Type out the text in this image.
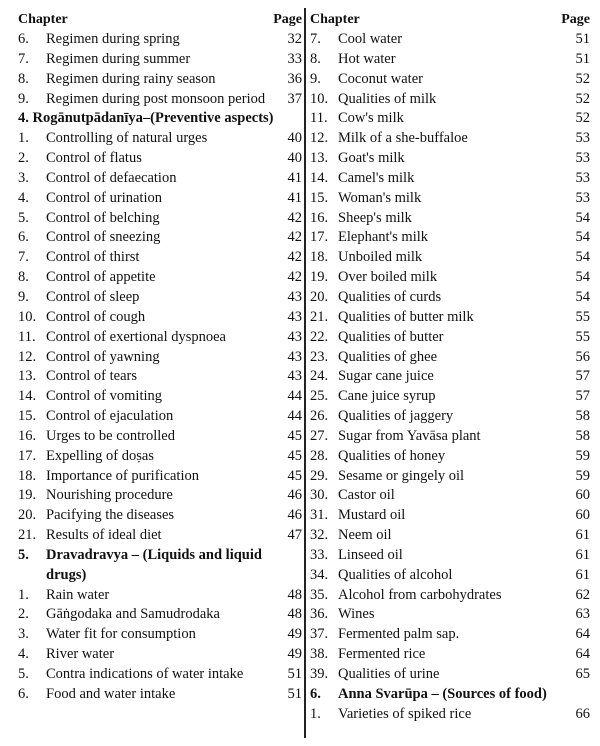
Chapter	Page
6.	Regimen during spring	32
7.	Regimen during summer	33
8.	Regimen during rainy season	36
9.	Regimen during post monsoon period	37
4. Rogānutpādanīya–(Preventive aspects)
1.	Controlling of natural urges	40
2.	Control of flatus	40
3.	Control of defaecation	41
4.	Control of urination	41
5.	Control of belching	42
6.	Control of sneezing	42
7.	Control of thirst	42
8.	Control of appetite	42
9.	Control of sleep	43
10. Control of cough	43
11. Control of exertional dyspnoea	43
12. Control of yawning	43
13. Control of tears	43
14. Control of vomiting	44
15. Control of ejaculation	44
16. Urges to be controlled	45
17. Expelling of doṣas	45
18. Importance of purification	45
19. Nourishing procedure	46
20. Pacifying the diseases	46
21. Results of ideal diet	47
5.	Dravadravya – (Liquids and liquid drugs)
1.	Rain water	48
2.	Gāṅgodaka and Samudrodaka	48
3.	Water fit for consumption	49
4.	River water	49
5.	Contra indications of water intake	51
6.	Food and water intake	51
Chapter	Page
7.	Cool water	51
8.	Hot water	51
9.	Coconut water	52
10. Qualities of milk	52
11. Cow's milk	52
12. Milk of a she-buffaloe	53
13. Goat's milk	53
14. Camel's milk	53
15. Woman's milk	53
16. Sheep's milk	54
17. Elephant's milk	54
18. Unboiled milk	54
19. Over boiled milk	54
20. Qualities of curds	54
21. Qualities of butter milk	55
22. Qualities of butter	55
23. Qualities of ghee	56
24. Sugar cane juice	57
25. Cane juice syrup	57
26. Qualities of jaggery	58
27. Sugar from Yavāsa plant	58
28. Qualities of honey	59
29. Sesame or gingely oil	59
30. Castor oil	60
31. Mustard oil	60
32. Neem oil	61
33. Linseed oil	61
34. Qualities of alcohol	61
35. Alcohol from carbohydrates	62
36. Wines	63
37. Fermented palm sap.	64
38. Fermented rice	64
39. Qualities of urine	65
6.	Anna Svarūpa – (Sources of food)
1.	Varieties of spiked rice	66
